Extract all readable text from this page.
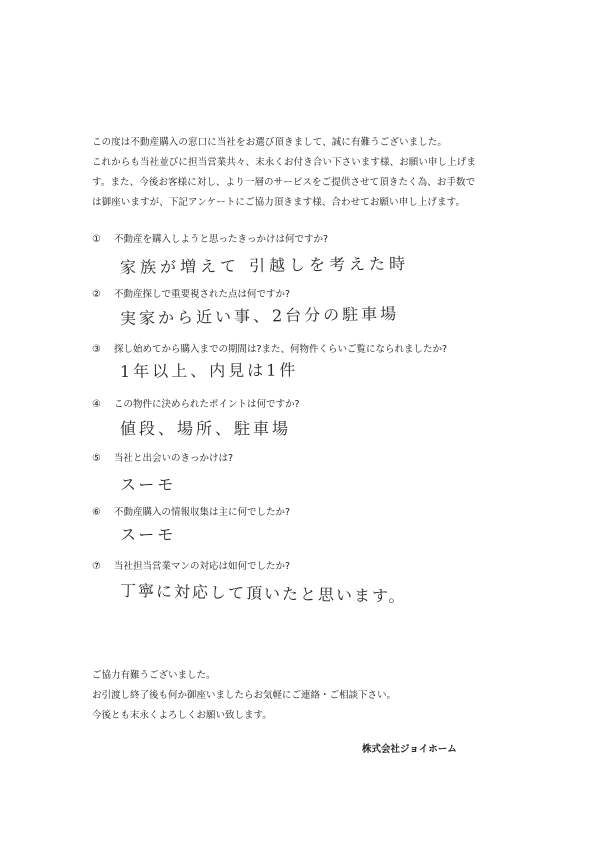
この度は不動産購入の窓口に当社をお選び頂きまして、誠に有難うございました。

これからも当社並びに担当営業共々、末永くお付き合い下さいます様、お願い申し上げま

す。また、今後お客様に対し、より一層のサービスをご提供させて頂きたく為、お手数で

は御座いますが、下記アンケートにご協力頂きます様、合わせてお願い申し上げます。

①	不動産を購入しようと思ったきっかけは何ですか?
家族が増えて 引越しを考えた時
②	不動産探しで重要視された点は何ですか?
実家から近い事、2台分の駐車場
③	探し始めてから購入までの期間は?また、何物件くらいご覧になられましたか?
1年以上、内見は1件
④	この物件に決められたポイントは何ですか?
値段、場所、駐車場
⑤	当社と出会いのきっかけは?
スーモ
⑥	不動産購入の情報収集は主に何でしたか?
スーモ
⑦	当社担当営業マンの対応は如何でしたか?
丁寧に対応して頂いたと思います。

ご協力有難うございました。

お引渡し終了後も何か御座いましたらお気軽にご連絡・ご相談下さい。

今後とも末永くよろしくお願い致します。

株式会社ジョイホーム
